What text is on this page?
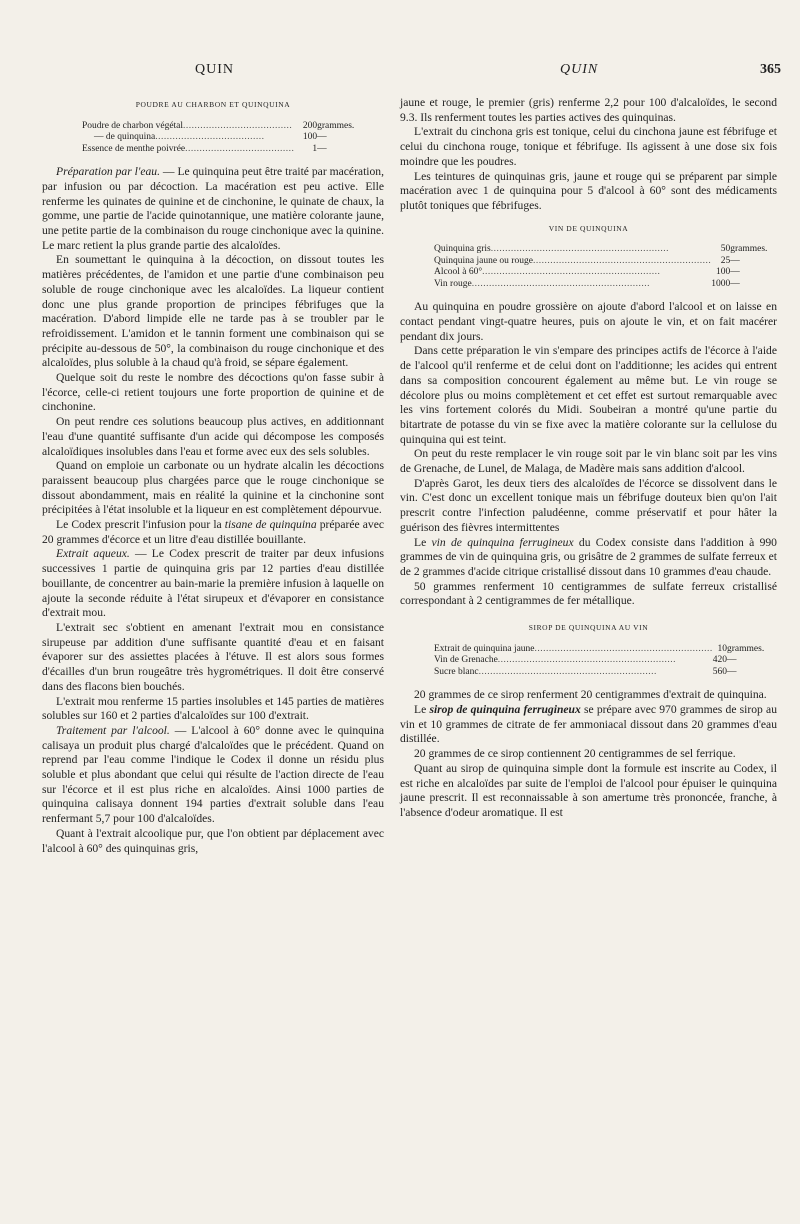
QUIN	QUIN	365
POUDRE AU CHARBON ET QUINQUINA
Poudre de charbon végétal......................................	200	grammes.
— de quinquina......................................	100	—
Essence de menthe poivrée......................................	1	—

Préparation par l'eau. — Le quinquina peut être traité par macération, par infusion ou par décoction. La macération est peu active. Elle renferme les quinates de quinine et de cinchonine, le quinate de chaux, la gomme, une partie de l'acide quinotannique, une matière colorante jaune, une petite partie de la combinaison du rouge cinchonique avec la quinine. Le marc retient la plus grande partie des alcaloïdes.

En soumettant le quinquina à la décoction, on dissout toutes les matières précédentes, de l'amidon et une partie d'une combinaison peu soluble de rouge cinchonique avec les alcaloïdes. La liqueur contient donc une plus grande proportion de principes fébrifuges que la macération. D'abord limpide elle ne tarde pas à se troubler par le refroidissement. L'amidon et le tannin forment une combinaison qui se précipite au-dessous de 50°, la combinaison du rouge cinchonique et des alcaloïdes, plus soluble à la chaud qu'à froid, se sépare également.

Quelque soit du reste le nombre des décoctions qu'on fasse subir à l'écorce, celle-ci retient toujours une forte proportion de quinine et de cinchonine.

On peut rendre ces solutions beaucoup plus actives, en additionnant l'eau d'une quantité suffisante d'un acide qui décompose les composés alcaloïdiques insolubles dans l'eau et forme avec eux des sels solubles.

Quand on emploie un carbonate ou un hydrate alcalin les décoctions paraissent beaucoup plus chargées parce que le rouge cinchonique se dissout abondamment, mais en réalité la quinine et la cinchonine sont précipitées à l'état insoluble et la liqueur en est complètement dépourvue.

Le Codex prescrit l'infusion pour la tisane de quinquina préparée avec 20 grammes d'écorce et un litre d'eau distillée bouillante.

Extrait aqueux. — Le Codex prescrit de traiter par deux infusions successives 1 partie de quinquina gris par 12 parties d'eau distillée bouillante, de concentrer au bain-marie la première infusion à laquelle on ajoute la seconde réduite à l'état sirupeux et d'évaporer en consistance d'extrait mou.

L'extrait sec s'obtient en amenant l'extrait mou en consistance sirupeuse par addition d'une suffisante quantité d'eau et en faisant évaporer sur des assiettes placées à l'étuve. Il est alors sous formes d'écailles d'un brun rougeâtre très hygrométriques. Il doit être conservé dans des flacons bien bouchés.

L'extrait mou renferme 15 parties insolubles et 145 parties de matières solubles sur 160 et 2 parties d'alcaloïdes sur 100 d'extrait.

Traitement par l'alcool. — L'alcool à 60° donne avec le quinquina calisaya un produit plus chargé d'alcaloïdes que le précédent. Quand on reprend par l'eau comme l'indique le Codex il donne un résidu plus soluble et plus abondant que celui qui résulte de l'action directe de l'eau sur l'écorce et il est plus riche en alcaloïdes. Ainsi 1000 parties de quinquina calisaya donnent 194 parties d'extrait soluble dans l'eau renfermant 5,7 pour 100 d'alcaloïdes.

Quant à l'extrait alcoolique pur, que l'on obtient par déplacement avec l'alcool à 60° des quinquinas gris,

jaune et rouge, le premier (gris) renferme 2,2 pour 100 d'alcaloïdes, le second 9.3. Ils renferment toutes les parties actives des quinquinas.

L'extrait du cinchona gris est tonique, celui du cinchona jaune est fébrifuge et celui du cinchona rouge, tonique et fébrifuge. Ils agissent à une dose six fois moindre que les poudres.

Les teintures de quinquinas gris, jaune et rouge qui se préparent par simple macération avec 1 de quinquina pour 5 d'alcool à 60° sont des médicaments plutôt toniques que fébrifuges.

VIN DE QUINQUINA
Quinquina gris..............................................................	50	grammes.
Quinquina jaune ou rouge..............................................................	25	—
Alcool à 60°..............................................................	100	—
Vin rouge..............................................................	1000	—

Au quinquina en poudre grossière on ajoute d'abord l'alcool et on laisse en contact pendant vingt-quatre heures, puis on ajoute le vin, et on fait macérer pendant dix jours.

Dans cette préparation le vin s'empare des principes actifs de l'écorce à l'aide de l'alcool qu'il renferme et de celui dont on l'additionne; les acides qui entrent dans sa composition concourent également au même but. Le vin rouge se décolore plus ou moins complètement et cet effet est surtout remarquable avec les vins fortement colorés du Midi. Soubeiran a montré qu'une partie du bitartrate de potasse du vin se fixe avec la matière colorante sur la cellulose du quinquina qui est teint.

On peut du reste remplacer le vin rouge soit par le vin blanc soit par les vins de Grenache, de Lunel, de Malaga, de Madère mais sans addition d'alcool.

D'après Garot, les deux tiers des alcaloïdes de l'écorce se dissolvent dans le vin. C'est donc un excellent tonique mais un fébrifuge douteux bien qu'on l'ait prescrit contre l'infection paludéenne, comme préservatif et pour hâter la guérison des fièvres intermittentes

Le vin de quinquina ferrugineux du Codex consiste dans l'addition à 990 grammes de vin de quinquina gris, ou grisâtre de 2 grammes de sulfate ferreux et de 2 grammes d'acide citrique cristallisé dissout dans 10 grammes d'eau chaude.

50 grammes renferment 10 centigrammes de sulfate ferreux cristallisé correspondant à 2 centigrammes de fer métallique.

SIROP DE QUINQUINA AU VIN
Extrait de quinquina jaune..............................................................	10	grammes.
Vin de Grenache..............................................................	420	—
Sucre blanc..............................................................	560	—

20 grammes de ce sirop renferment 20 centigrammes d'extrait de quinquina.

Le sirop de quinquina ferrugineux se prépare avec 970 grammes de sirop au vin et 10 grammes de citrate de fer ammoniacal dissout dans 20 grammes d'eau distillée.

20 grammes de ce sirop contiennent 20 centigrammes de sel ferrique.

Quant au sirop de quinquina simple dont la formule est inscrite au Codex, il est riche en alcaloïdes par suite de l'emploi de l'alcool pour épuiser le quinquina jaune prescrit. Il est reconnaissable à son amertume très prononcée, franche, à l'absence d'odeur aromatique. Il est
